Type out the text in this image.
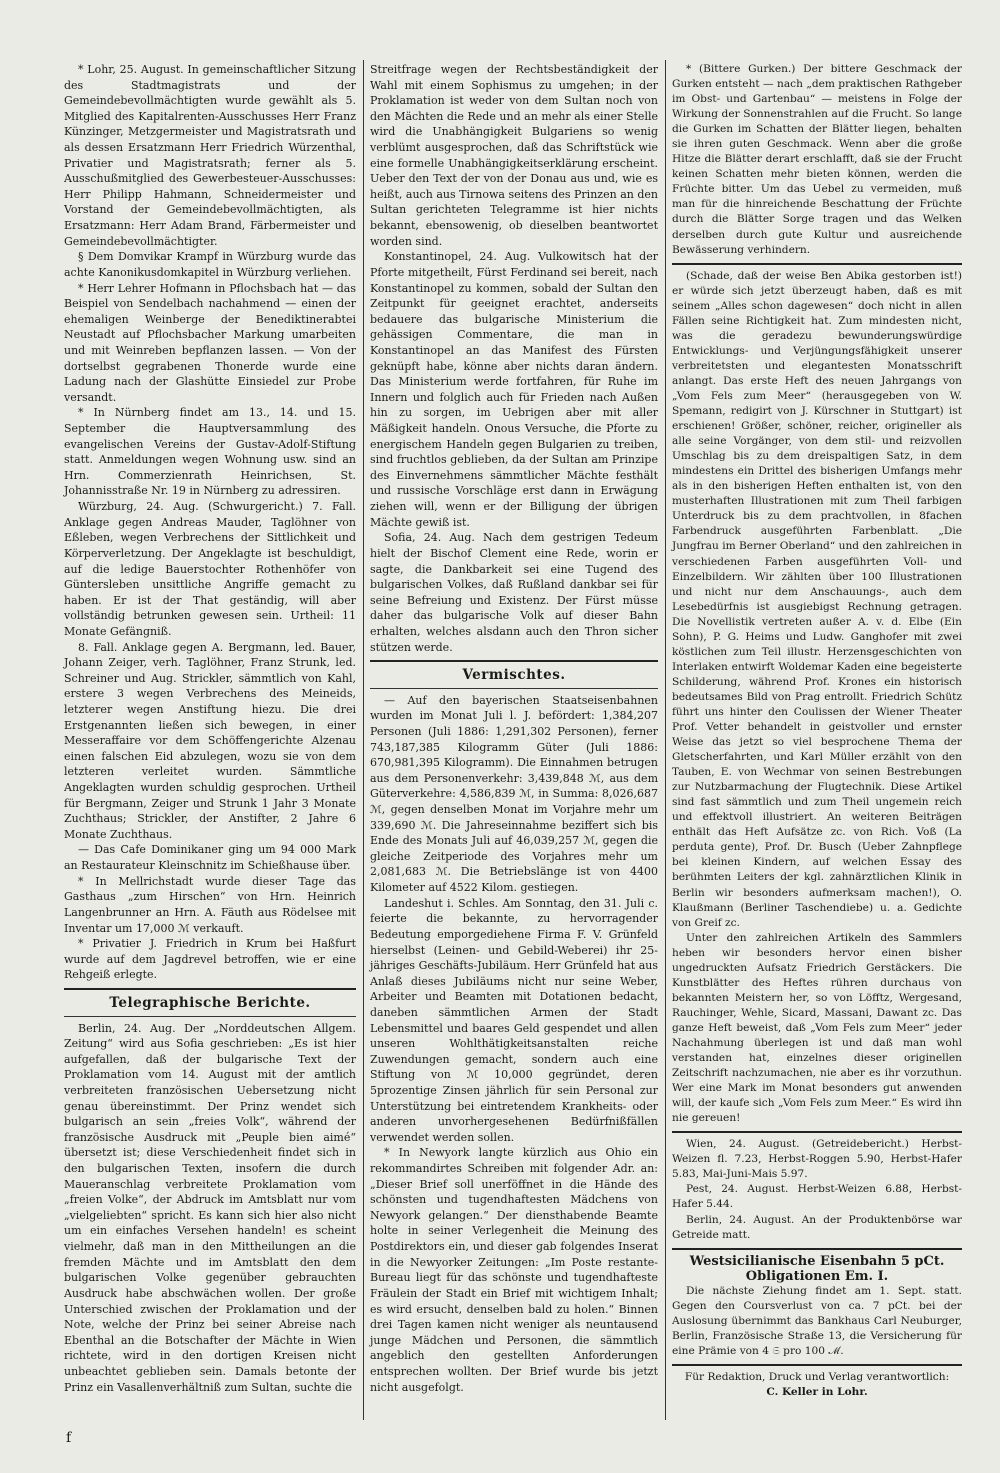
* Lohr, 25. August. In gemeinschaftlicher Sitzung des Stadtmagistrats und der Gemeindebevollmächtigten wurde gewählt als 5. Mitglied des Kapitalrenten-Ausschusses Herr Franz Künzinger, Metzgermeister und Magistratsrath und als dessen Ersatzmann Herr Friedrich Würzenthal, Privatier und Magistratsrath; ferner als 5. Ausschußmitglied des Gewerbesteuer-Ausschusses: Herr Philipp Hahmann, Schneidermeister und Vorstand der Gemeindebevollmächtigten, als Ersatzmann: Herr Adam Brand, Färbermeister und Gemeindebevollmächtigter.

§ Dem Domvikar Krampf in Würzburg wurde das achte Kanonikusdomkapitel in Würzburg verliehen.

* Herr Lehrer Hofmann in Pflochsbach hat — das Beispiel von Sendelbach nachahmend — einen der ehemaligen Weinberge der Benediktinerabtei Neustadt auf Pflochsbacher Markung umarbeiten und mit Weinreben bepflanzen lassen. — Von der dortselbst gegrabenen Thonerde wurde eine Ladung nach der Glashütte Einsiedel zur Probe versandt.

* In Nürnberg findet am 13., 14. und 15. September die Hauptversammlung des evangelischen Vereins der Gustav-Adolf-Stiftung statt. Anmeldungen wegen Wohnung usw. sind an Hrn. Commerzienrath Heinrichsen, St. Johannisstraße Nr. 19 in Nürnberg zu adressiren.

Würzburg, 24. Aug. (Schwurgericht.) 7. Fall. Anklage gegen Andreas Mauder, Taglöhner von Eßleben, wegen Verbrechens der Sittlichkeit und Körperverletzung. Der Angeklagte ist beschuldigt, auf die ledige Bauerstochter Rothenhöfer von Güntersleben unsittliche Angriffe gemacht zu haben. Er ist der That geständig, will aber vollständig betrunken gewesen sein. Urtheil: 11 Monate Gefängniß.

8. Fall. Anklage gegen A. Bergmann, led. Bauer, Johann Zeiger, verh. Taglöhner, Franz Strunk, led. Schreiner und Aug. Strickler, sämmtlich von Kahl, erstere 3 wegen Verbrechens des Meineids, letzterer wegen Anstiftung hiezu. Die drei Erstgenannten ließen sich bewegen, in einer Messeraffaire vor dem Schöffengerichte Alzenau einen falschen Eid abzulegen, wozu sie von dem letzteren verleitet wurden. Sämmtliche Angeklagten wurden schuldig gesprochen. Urtheil für Bergmann, Zeiger und Strunk 1 Jahr 3 Monate Zuchthaus; Strickler, der Anstifter, 2 Jahre 6 Monate Zuchthaus.

— Das Cafe Dominikaner ging um 94 000 Mark an Restaurateur Kleinschnitz im Schießhause über.

* In Mellrichstadt wurde dieser Tage das Gasthaus „zum Hirschen“ von Hrn. Heinrich Langenbrunner an Hrn. A. Fäuth aus Rödelsee mit Inventar um 17,000 ℳ verkauft.

* Privatier J. Friedrich in Krum bei Haßfurt wurde auf dem Jagdrevel betroffen, wie er eine Rehgeiß erlegte.

Telegraphische Berichte.

Berlin, 24. Aug. Der „Norddeutschen Allgem. Zeitung“ wird aus Sofia geschrieben: „Es ist hier aufgefallen, daß der bulgarische Text der Proklamation vom 14. August mit der amtlich verbreiteten französischen Uebersetzung nicht genau übereinstimmt. Der Prinz wendet sich bulgarisch an sein „freies Volk“, während der französische Ausdruck mit „Peuple bien aimé“ übersetzt ist; diese Verschiedenheit findet sich in den bulgarischen Texten, insofern die durch Maueranschlag verbreitete Proklamation vom „freien Volke“, der Abdruck im Amtsblatt nur vom „vielgeliebten“ spricht. Es kann sich hier also nicht um ein einfaches Versehen handeln! es scheint vielmehr, daß man in den Mittheilungen an die fremden Mächte und im Amtsblatt den dem bulgarischen Volke gegenüber gebrauchten Ausdruck habe abschwächen wollen. Der große Unterschied zwischen der Proklamation und der Note, welche der Prinz bei seiner Abreise nach Ebenthal an die Botschafter der Mächte in Wien richtete, wird in den dortigen Kreisen nicht unbeachtet geblieben sein. Damals betonte der Prinz ein Vasallenverhältniß zum Sultan, suchte die

Streitfrage wegen der Rechtsbeständigkeit der Wahl mit einem Sophismus zu umgehen; in der Proklamation ist weder von dem Sultan noch von den Mächten die Rede und an mehr als einer Stelle wird die Unabhängigkeit Bulgariens so wenig verblümt ausgesprochen, daß das Schriftstück wie eine formelle Unabhängigkeitserklärung erscheint. Ueber den Text der von der Donau aus und, wie es heißt, auch aus Tirnowa seitens des Prinzen an den Sultan gerichteten Telegramme ist hier nichts bekannt, ebensowenig, ob dieselben beantwortet worden sind.

Konstantinopel, 24. Aug. Vulkowitsch hat der Pforte mitgetheilt, Fürst Ferdinand sei bereit, nach Konstantinopel zu kommen, sobald der Sultan den Zeitpunkt für geeignet erachtet, anderseits bedauere das bulgarische Ministerium die gehässigen Commentare, die man in Konstantinopel an das Manifest des Fürsten geknüpft habe, könne aber nichts daran ändern. Das Ministerium werde fortfahren, für Ruhe im Innern und folglich auch für Frieden nach Außen hin zu sorgen, im Uebrigen aber mit aller Mäßigkeit handeln. Onous Versuche, die Pforte zu energischem Handeln gegen Bulgarien zu treiben, sind fruchtlos geblieben, da der Sultan am Prinzipe des Einvernehmens sämmtlicher Mächte festhält und russische Vorschläge erst dann in Erwägung ziehen will, wenn er der Billigung der übrigen Mächte gewiß ist.

Sofia, 24. Aug. Nach dem gestrigen Tedeum hielt der Bischof Clement eine Rede, worin er sagte, die Dankbarkeit sei eine Tugend des bulgarischen Volkes, daß Rußland dankbar sei für seine Befreiung und Existenz. Der Fürst müsse daher das bulgarische Volk auf dieser Bahn erhalten, welches alsdann auch den Thron sicher stützen werde.

Vermischtes.

— Auf den bayerischen Staatseisenbahnen wurden im Monat Juli l. J. befördert: 1,384,207 Personen (Juli 1886: 1,291,302 Personen), ferner 743,187,385 Kilogramm Güter (Juli 1886: 670,981,395 Kilogramm). Die Einnahmen betrugen aus dem Personenverkehr: 3,439,848 ℳ, aus dem Güterverkehre: 4,586,839 ℳ, in Summa: 8,026,687 ℳ, gegen denselben Monat im Vorjahre mehr um 339,690 ℳ. Die Jahreseinnahme beziffert sich bis Ende des Monats Juli auf 46,039,257 ℳ, gegen die gleiche Zeitperiode des Vorjahres mehr um 2,081,683 ℳ. Die Betriebslänge ist von 4400 Kilometer auf 4522 Kilom. gestiegen.

Landeshut i. Schles. Am Sonntag, den 31. Juli c. feierte die bekannte, zu hervorragender Bedeutung emporgediehene Firma F. V. Grünfeld hierselbst (Leinen- und Gebild-Weberei) ihr 25-jähriges Geschäfts-Jubiläum. Herr Grünfeld hat aus Anlaß dieses Jubiläums nicht nur seine Weber, Arbeiter und Beamten mit Dotationen bedacht, daneben sämmtlichen Armen der Stadt Lebensmittel und baares Geld gespendet und allen unseren Wohlthätigkeitsanstalten reiche Zuwendungen gemacht, sondern auch eine Stiftung von ℳ 10,000 gegründet, deren 5prozentige Zinsen jährlich für sein Personal zur Unterstützung bei eintretendem Krankheits- oder anderen unvorhergesehenen Bedürfnißfällen verwendet werden sollen.

* In Newyork langte kürzlich aus Ohio ein rekommandirtes Schreiben mit folgender Adr. an: „Dieser Brief soll unerföffnet in die Hände des schönsten und tugendhaftesten Mädchens von Newyork gelangen.“ Der diensthabende Beamte holte in seiner Verlegenheit die Meinung des Postdirektors ein, und dieser gab folgendes Inserat in die Newyorker Zeitungen: „Im Poste restante-Bureau liegt für das schönste und tugendhafteste Fräulein der Stadt ein Brief mit wichtigem Inhalt; es wird ersucht, denselben bald zu holen.“ Binnen drei Tagen kamen nicht weniger als neuntausend junge Mädchen und Personen, die sämmtlich angeblich den gestellten Anforderungen entsprechen wollten. Der Brief wurde bis jetzt nicht ausgefolgt.

* (Bittere Gurken.) Der bittere Geschmack der Gurken entsteht — nach „dem praktischen Rathgeber im Obst- und Gartenbau“ — meistens in Folge der Wirkung der Sonnenstrahlen auf die Frucht. So lange die Gurken im Schatten der Blätter liegen, behalten sie ihren guten Geschmack. Wenn aber die große Hitze die Blätter derart erschlafft, daß sie der Frucht keinen Schatten mehr bieten können, werden die Früchte bitter. Um das Uebel zu vermeiden, muß man für die hinreichende Beschattung der Früchte durch die Blätter Sorge tragen und das Welken derselben durch gute Kultur und ausreichende Bewässerung verhindern.

(Schade, daß der weise Ben Abika gestorben ist!) er würde sich jetzt überzeugt haben, daß es mit seinem „Alles schon dagewesen“ doch nicht in allen Fällen seine Richtigkeit hat. Zum mindesten nicht, was die geradezu bewunderungswürdige Entwicklungs- und Verjüngungsfähigkeit unserer verbreitetsten und elegantesten Monatsschrift anlangt. Das erste Heft des neuen Jahrgangs von „Vom Fels zum Meer“ (herausgegeben von W. Spemann, redigirt von J. Kürschner in Stuttgart) ist erschienen! Größer, schöner, reicher, origineller als alle seine Vorgänger, von dem stil- und reizvollen Umschlag bis zu dem dreispaltigen Satz, in dem mindestens ein Drittel des bisherigen Umfangs mehr als in den bisherigen Heften enthalten ist, von den musterhaften Illustrationen mit zum Theil farbigen Unterdruck bis zu dem prachtvollen, in 8fachen Farbendruck ausgeführten Farbenblatt. „Die Jungfrau im Berner Oberland“ und den zahlreichen in verschiedenen Farben ausgeführten Voll- und Einzelbildern. Wir zählten über 100 Illustrationen und nicht nur dem Anschauungs-, auch dem Lesebedürfnis ist ausgiebigst Rechnung getragen. Die Novellistik vertreten außer A. v. d. Elbe (Ein Sohn), P. G. Heims und Ludw. Ganghofer mit zwei köstlichen zum Teil illustr. Herzensgeschichten von Interlaken entwirft Woldemar Kaden eine begeisterte Schilderung, während Prof. Krones ein historisch bedeutsames Bild von Prag entrollt. Friedrich Schütz führt uns hinter den Coulissen der Wiener Theater Prof. Vetter behandelt in geistvoller und ernster Weise das jetzt so viel besprochene Thema der Gletscherfahrten, und Karl Müller erzählt von den Tauben, E. von Wechmar von seinen Bestrebungen zur Nutzbarmachung der Flugtechnik. Diese Artikel sind fast sämmtlich und zum Theil ungemein reich und effektvoll illustriert. An weiteren Beiträgen enthält das Heft Aufsätze zc. von Rich. Voß (La perduta gente), Prof. Dr. Busch (Ueber Zahnpflege bei kleinen Kindern, auf welchen Essay des berühmten Leiters der kgl. zahnärztlichen Klinik in Berlin wir besonders aufmerksam machen!), O. Klaußmann (Berliner Taschendiebe) u. a. Gedichte von Greif zc.

Unter den zahlreichen Artikeln des Sammlers heben wir besonders hervor einen bisher ungedruckten Aufsatz Friedrich Gerstäckers. Die Kunstblätter des Heftes rühren durchaus von bekannten Meistern her, so von Löfftz, Wergesand, Rauchinger, Wehle, Sicard, Massani, Dawant zc. Das ganze Heft beweist, daß „Vom Fels zum Meer“ jeder Nachahmung überlegen ist und daß man wohl verstanden hat, einzelnes dieser originellen Zeitschrift nachzumachen, nie aber es ihr vorzuthun. Wer eine Mark im Monat besonders gut anwenden will, der kaufe sich „Vom Fels zum Meer.“ Es wird ihn nie gereuen!

Wien, 24. August. (Getreidebericht.) Herbst-Weizen fl. 7.23, Herbst-Roggen 5.90, Herbst-Hafer 5.83, Mai-Juni-Mais 5.97.

Pest, 24. August. Herbst-Weizen 6.88, Herbst-Hafer 5.44.

Berlin, 24. August. An der Produktenbörse war Getreide matt.

Westsicilianische Eisenbahn 5 pCt.
Obligationen Em. I.

Die nächste Ziehung findet am 1. Sept. statt. Gegen den Coursverlust von ca. 7 pCt. bei der Auslosung übernimmt das Bankhaus Carl Neuburger, Berlin, Französische Straße 13, die Versicherung für eine Prämie von 4 𝔖 pro 100 ℳ.

Für Redaktion, Druck und Verlag verantwortlich:
C. Keller in Lohr.
f
